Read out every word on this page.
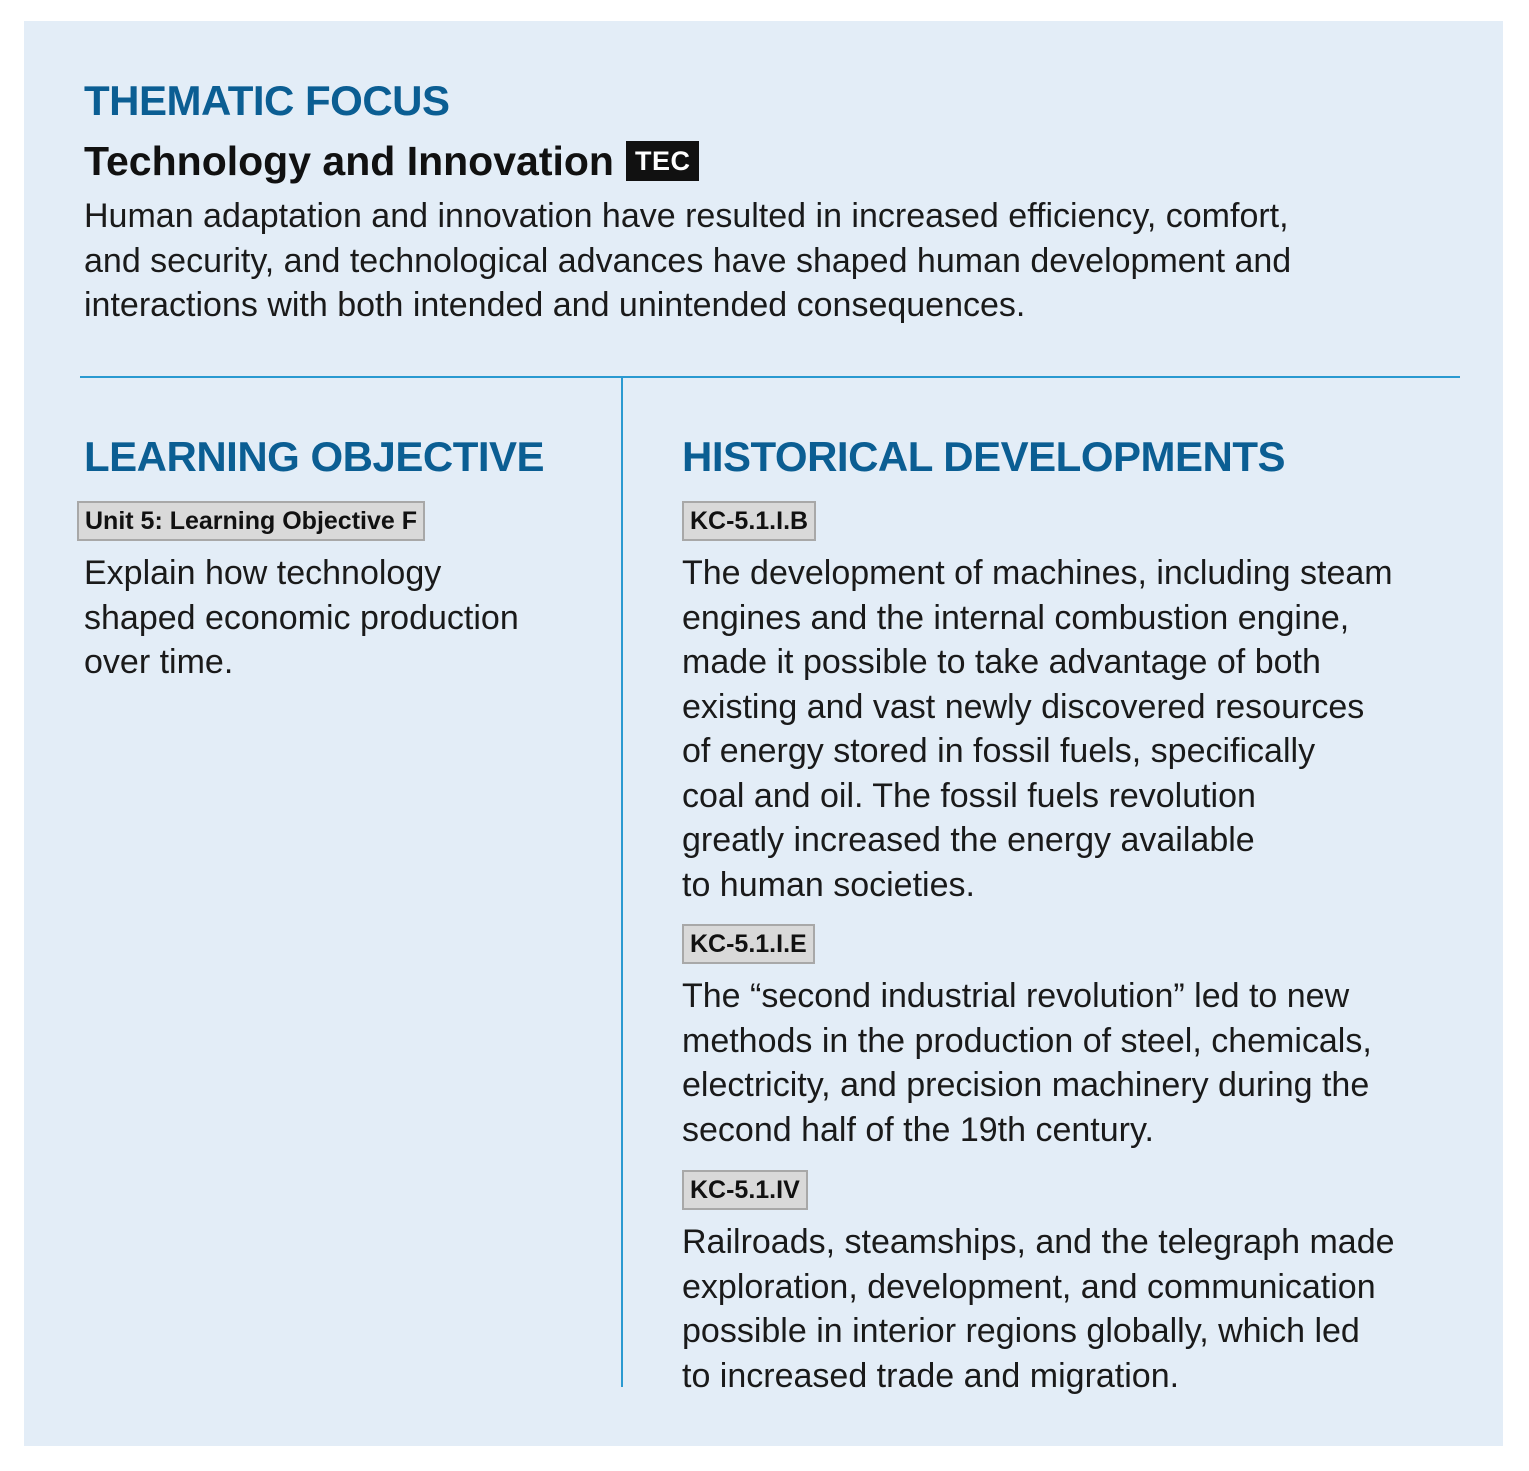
THEMATIC FOCUS
Technology and Innovation TEC

Human adaptation and innovation have resulted in increased efficiency, comfort,
and security, and technological advances have shaped human development and
interactions with both intended and unintended consequences.

LEARNING OBJECTIVE
Unit 5: Learning Objective F

Explain how technology
shaped economic production
over time.

HISTORICAL DEVELOPMENTS
KC-5.1.I.B

The development of machines, including steam
engines and the internal combustion engine,
made it possible to take advantage of both
existing and vast newly discovered resources
of energy stored in fossil fuels, specifically
coal and oil. The fossil fuels revolution
greatly increased the energy available
to human societies.

KC-5.1.I.E

The “second industrial revolution” led to new
methods in the production of steel, chemicals,
electricity, and precision machinery during the
second half of the 19th century.

KC-5.1.IV

Railroads, steamships, and the telegraph made
exploration, development, and communication
possible in interior regions globally, which led
to increased trade and migration.
